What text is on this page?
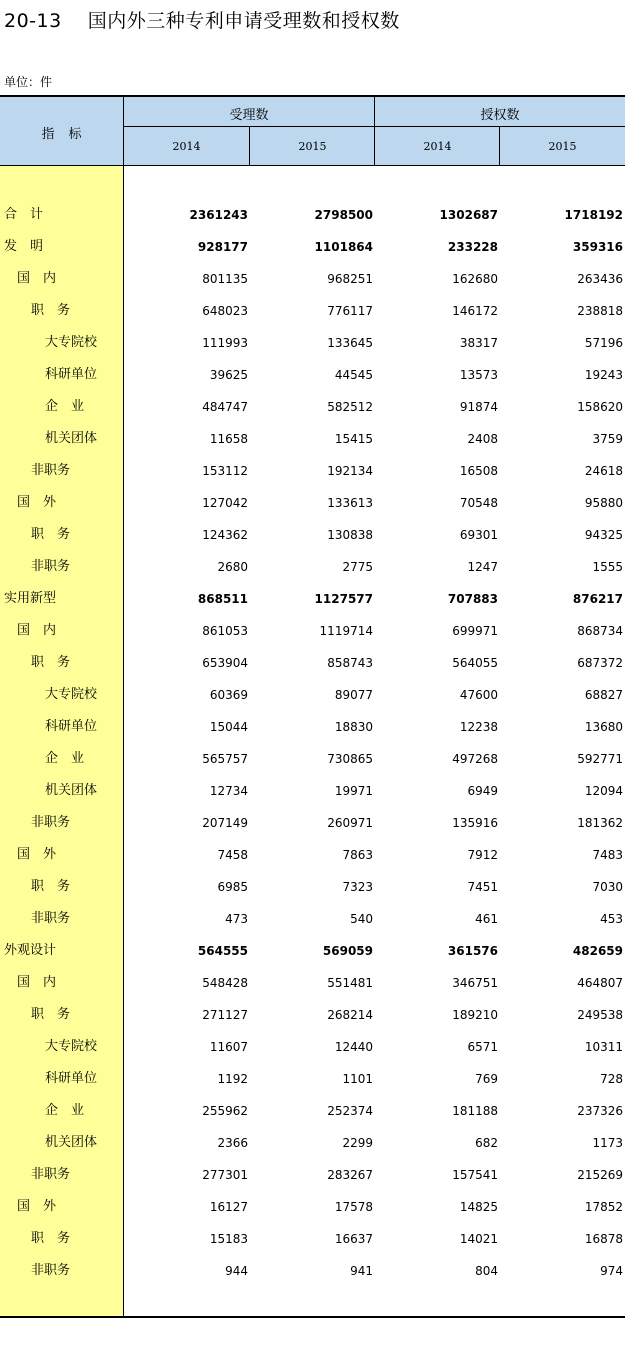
20-13 国内外三种专利申请受理数和授权数
单位：件
指标
受理数	授权数
2014	2015	2014	2015
合　计	2361243	2798500	1302687	1718192
发　明	928177	1101864	233228	359316
国　内	801135	968251	162680	263436
职　务	648023	776117	146172	238818
大专院校	111993	133645	38317	57196
科研单位	39625	44545	13573	19243
企　业	484747	582512	91874	158620
机关团体	11658	15415	2408	3759
非职务	153112	192134	16508	24618
国　外	127042	133613	70548	95880
职　务	124362	130838	69301	94325
非职务	2680	2775	1247	1555
实用新型	868511	1127577	707883	876217
国　内	861053	1119714	699971	868734
职　务	653904	858743	564055	687372
大专院校	60369	89077	47600	68827
科研单位	15044	18830	12238	13680
企　业	565757	730865	497268	592771
机关团体	12734	19971	6949	12094
非职务	207149	260971	135916	181362
国　外	7458	7863	7912	7483
职　务	6985	7323	7451	7030
非职务	473	540	461	453
外观设计	564555	569059	361576	482659
国　内	548428	551481	346751	464807
职　务	271127	268214	189210	249538
大专院校	11607	12440	6571	10311
科研单位	1192	1101	769	728
企　业	255962	252374	181188	237326
机关团体	2366	2299	682	1173
非职务	277301	283267	157541	215269
国　外	16127	17578	14825	17852
职　务	15183	16637	14021	16878
非职务	944	941	804	974
